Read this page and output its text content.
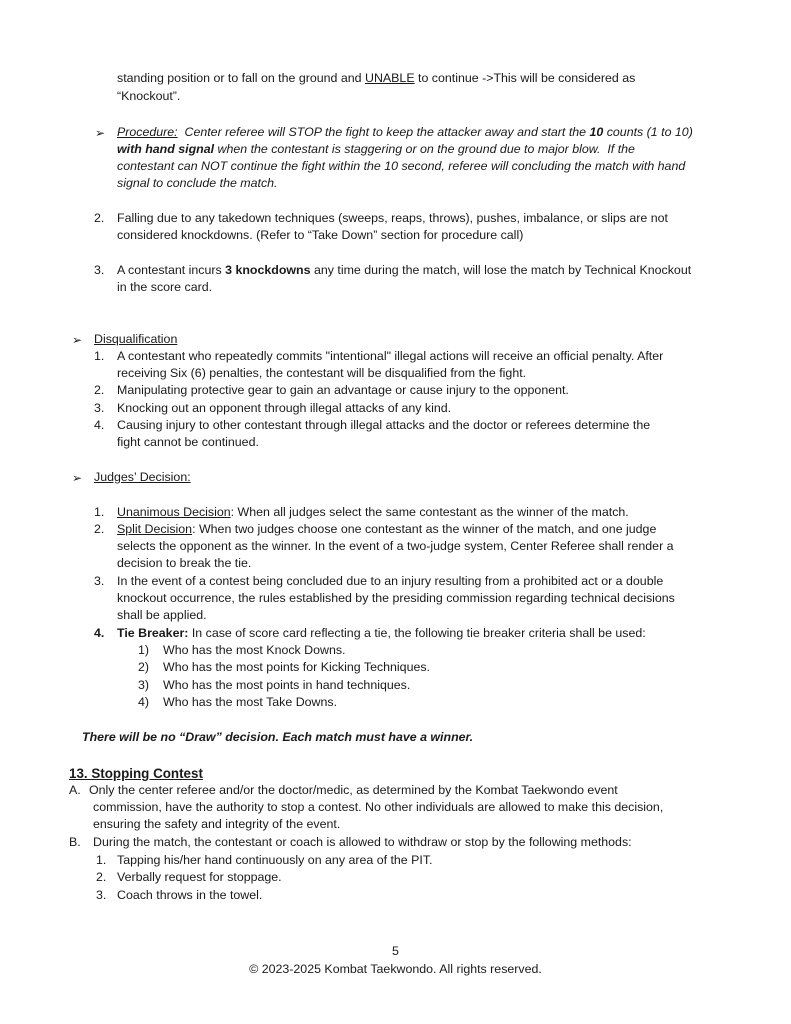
standing position or to fall on the ground and UNABLE to continue ->This will be considered as
“Knockout”.
➢ Procedure:  Center referee will STOP the fight to keep the attacker away and start the 10 counts (1 to 10)
with hand signal when the contestant is staggering or on the ground due to major blow.  If the
contestant can NOT continue the fight within the 10 second, referee will concluding the match with hand
signal to conclude the match.
2. Falling due to any takedown techniques (sweeps, reaps, throws), pushes, imbalance, or slips are not
considered knockdowns. (Refer to “Take Down” section for procedure call)
3. A contestant incurs 3 knockdowns any time during the match, will lose the match by Technical Knockout
in the score card.
➢ Disqualification
1. A contestant who repeatedly commits "intentional" illegal actions will receive an official penalty. After
receiving Six (6) penalties, the contestant will be disqualified from the fight.
2. Manipulating protective gear to gain an advantage or cause injury to the opponent.
3. Knocking out an opponent through illegal attacks of any kind.
4. Causing injury to other contestant through illegal attacks and the doctor or referees determine the
fight cannot be continued.
➢ Judges’ Decision:
1. Unanimous Decision: When all judges select the same contestant as the winner of the match.
2. Split Decision: When two judges choose one contestant as the winner of the match, and one judge
selects the opponent as the winner. In the event of a two-judge system, Center Referee shall render a
decision to break the tie.
3. In the event of a contest being concluded due to an injury resulting from a prohibited act or a double
knockout occurrence, the rules established by the presiding commission regarding technical decisions
shall be applied.
4. Tie Breaker: In case of score card reflecting a tie, the following tie breaker criteria shall be used:
1) Who has the most Knock Downs.
2) Who has the most points for Kicking Techniques.
3) Who has the most points in hand techniques.
4) Who has the most Take Downs.
There will be no “Draw” decision. Each match must have a winner.
13. Stopping Contest
A. Only the center referee and/or the doctor/medic, as determined by the Kombat Taekwondo event
commission, have the authority to stop a contest. No other individuals are allowed to make this decision,
ensuring the safety and integrity of the event.
B. During the match, the contestant or coach is allowed to withdraw or stop by the following methods:
1. Tapping his/her hand continuously on any area of the PIT.
2. Verbally request for stoppage.
3. Coach throws in the towel.
5
© 2023-2025 Kombat Taekwondo. All rights reserved.
